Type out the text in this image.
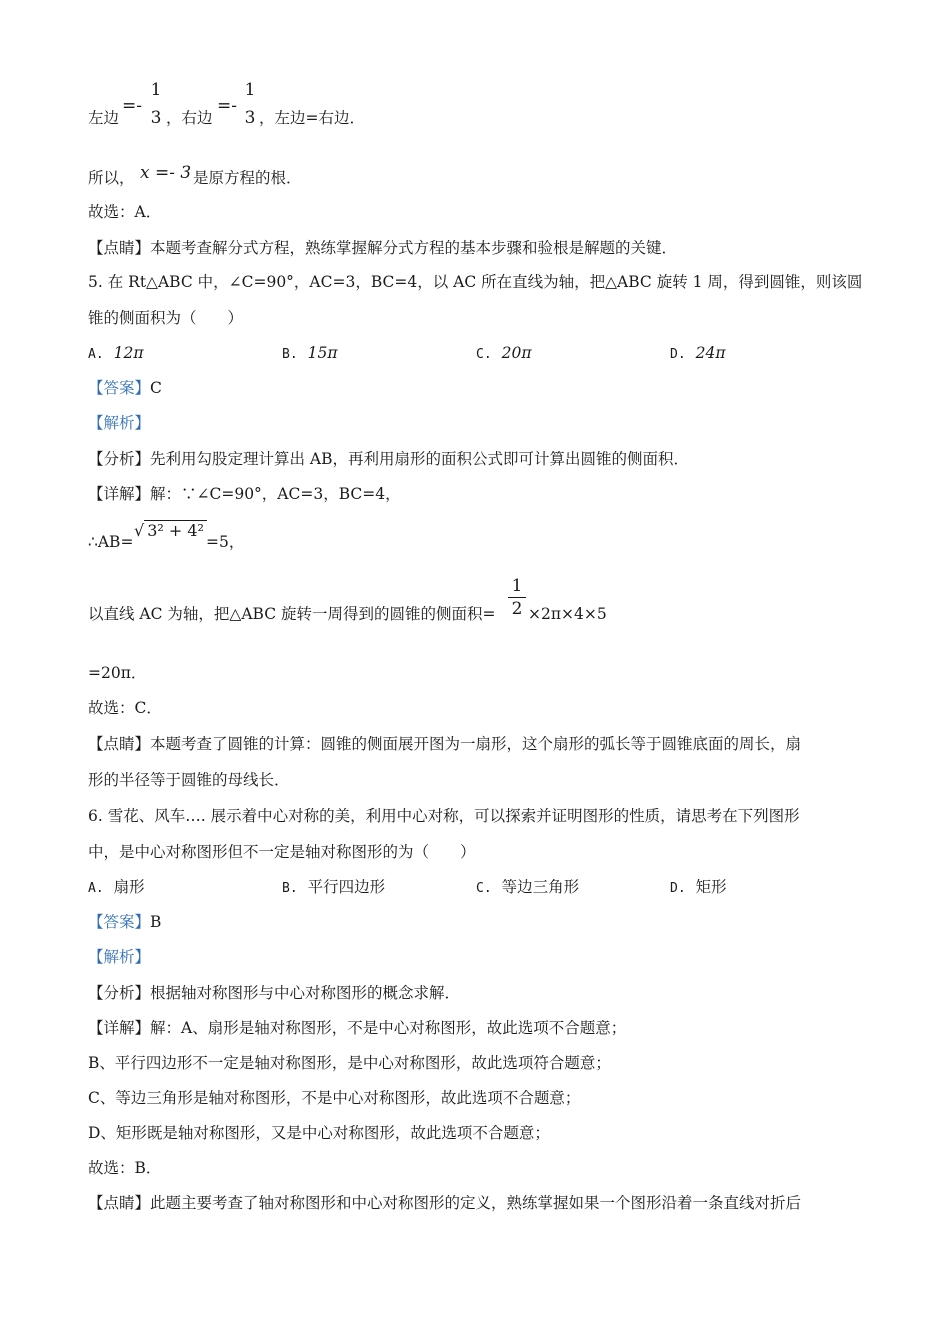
左边
=-
1
3 ，右边
=-
1
3 ，左边=右边．
所以， x =- 3 是原方程的根．
故选：A．
【点睛】本题考查解分式方程，熟练掌握解分式方程的基本步骤和验根是解题的关键．
5. 在 Rt△ABC 中，∠C=90°，AC=3，BC=4，以 AC 所在直线为轴，把△ABC 旋转 1 周，得到圆锥，则该圆
锥的侧面积为（　　）
A. 12π	B. 15π	C. 20π	D. 24π
【答案】C
【解析】
【分析】先利用勾股定理计算出 AB，再利用扇形的面积公式即可计算出圆锥的侧面积．
【详解】解：∵∠C=90°，AC=3，BC=4，
∴AB=
√ 3² + 4²
=5，
以直线 AC 为轴，把△ABC 旋转一周得到的圆锥的侧面积=
1
2 ×2π×4×5
=20π．
故选：C．
【点睛】本题考查了圆锥的计算：圆锥的侧面展开图为一扇形，这个扇形的弧长等于圆锥底面的周长，扇
形的半径等于圆锥的母线长．
6. 雪花、风车…. 展示着中心对称的美，利用中心对称，可以探索并证明图形的性质，请思考在下列图形
中，是中心对称图形但不一定是轴对称图形的为（　　）
A. 扇形	B. 平行四边形	C. 等边三角形	D. 矩形
【答案】B
【解析】
【分析】根据轴对称图形与中心对称图形的概念求解．
【详解】解：A、扇形是轴对称图形，不是中心对称图形，故此选项不合题意；
B、平行四边形不一定是轴对称图形，是中心对称图形，故此选项符合题意；
C、等边三角形是轴对称图形，不是中心对称图形，故此选项不合题意；
D、矩形既是轴对称图形，又是中心对称图形，故此选项不合题意；
故选：B．
【点睛】此题主要考查了轴对称图形和中心对称图形的定义，熟练掌握如果一个图形沿着一条直线对折后
